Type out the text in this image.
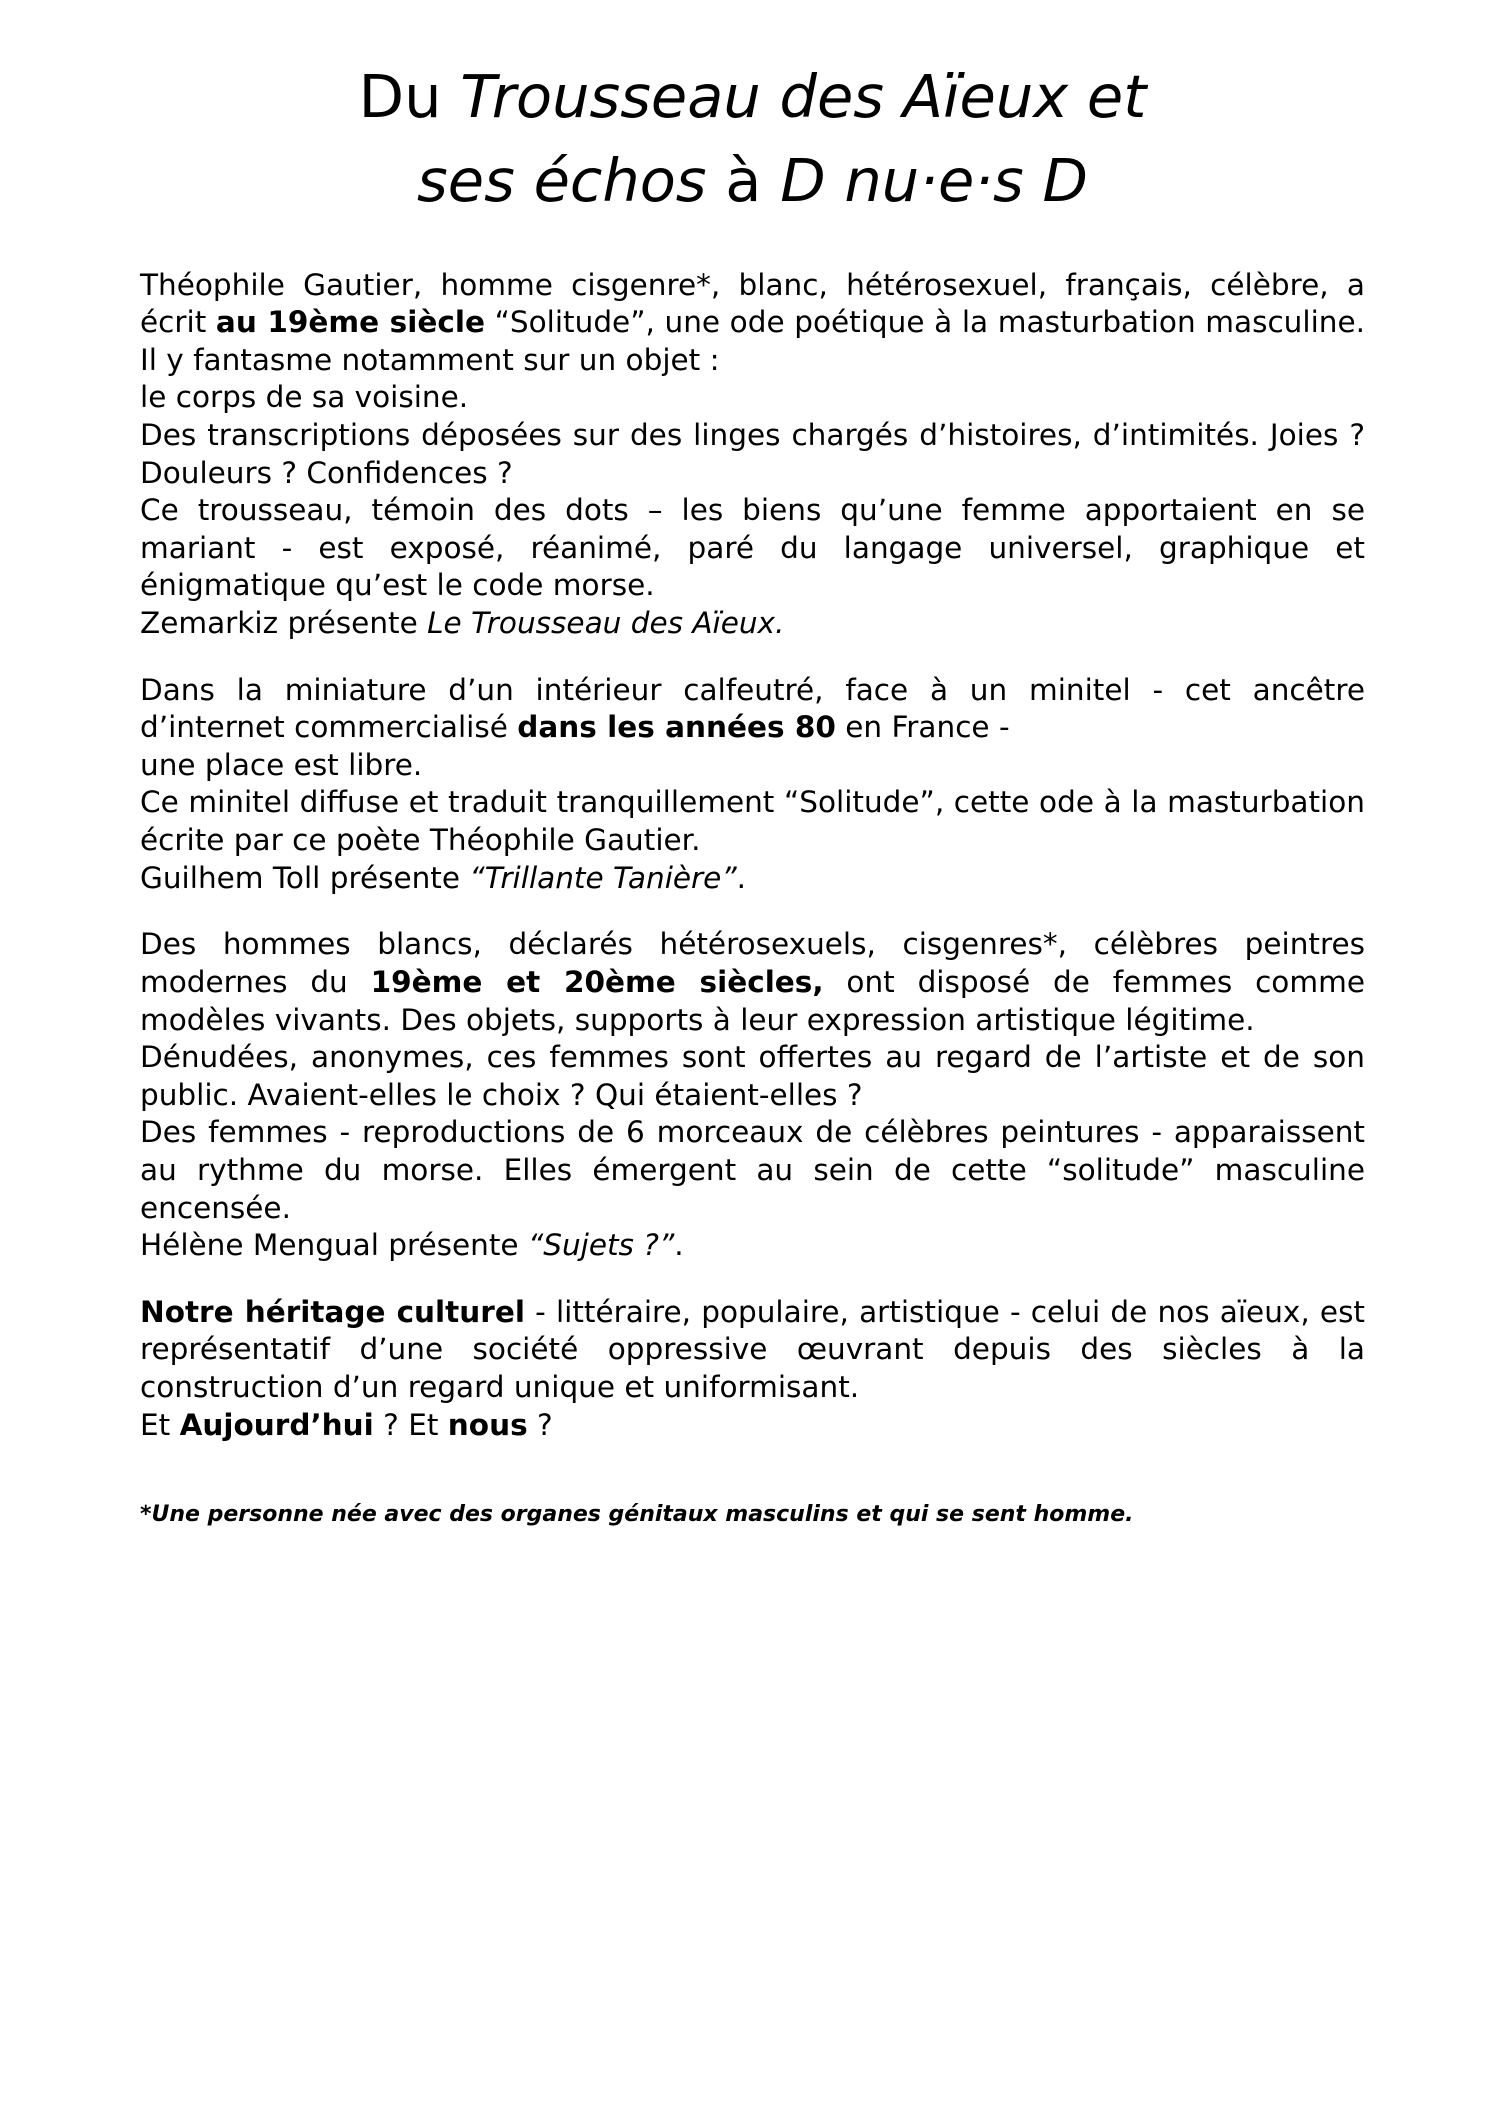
Du Trousseau des Aïeux et
ses échos à D nu·e·s D

Théophile Gautier, homme cisgenre*, blanc, hétérosexuel, français, célèbre, a écrit au 19ème siècle “Solitude”, une ode poétique à la masturbation masculine. Il y fantasme notamment sur un objet :

le corps de sa voisine.

Des transcriptions déposées sur des linges chargés d’histoires, d’intimités. Joies ? Douleurs ? Confidences ?

Ce trousseau, témoin des dots – les biens qu’une femme apportaient en se mariant - est exposé, réanimé, paré du langage universel, graphique et énigmatique qu’est le code morse.

Zemarkiz présente Le Trousseau des Aïeux.

Dans la miniature d’un intérieur calfeutré, face à un minitel - cet ancêtre d’internet commercialisé dans les années 80 en France -

une place est libre.

Ce minitel diffuse et traduit tranquillement “Solitude”, cette ode à la masturbation écrite par ce poète Théophile Gautier.

Guilhem Toll présente “Trillante Tanière”.

Des hommes blancs, déclarés hétérosexuels, cisgenres*, célèbres peintres modernes du 19ème et 20ème siècles, ont disposé de femmes comme modèles vivants. Des objets, supports à leur expression artistique légitime.

Dénudées, anonymes, ces femmes sont offertes au regard de l’artiste et de son public. Avaient-elles le choix ? Qui étaient-elles ?

Des femmes - reproductions de 6 morceaux de célèbres peintures - apparaissent au rythme du morse. Elles émergent au sein de cette “solitude” masculine encensée.

Hélène Mengual présente “Sujets ?”.

Notre héritage culturel - littéraire, populaire, artistique - celui de nos aïeux, est représentatif d’une société oppressive œuvrant depuis des siècles à la construction d’un regard unique et uniformisant.

Et Aujourd’hui ? Et nous ?

*Une personne née avec des organes génitaux masculins et qui se sent homme.
